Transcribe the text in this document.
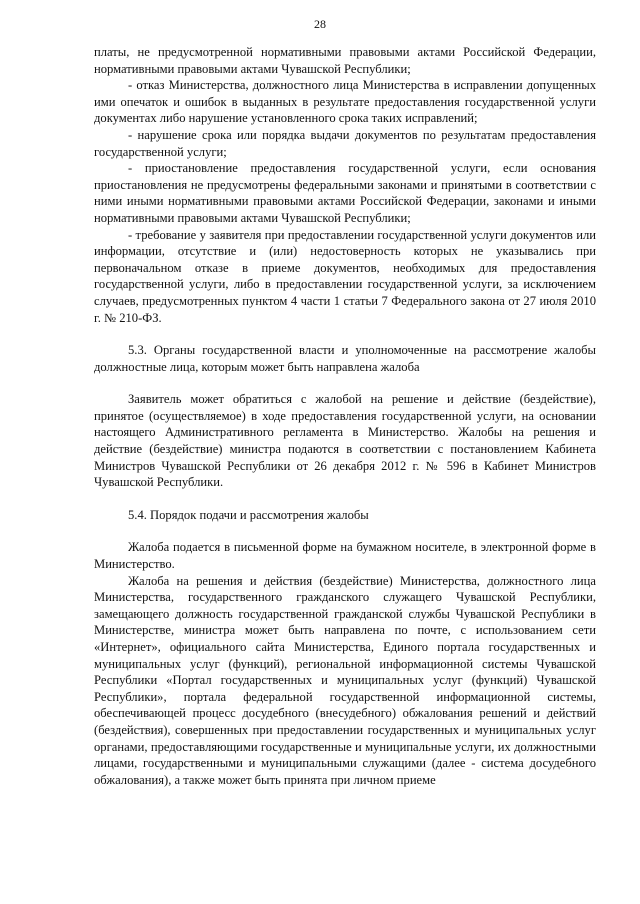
28

платы, не предусмотренной нормативными правовыми актами Российской Федерации, нормативными правовыми актами Чувашской Республики;

- отказ Министерства, должностного лица Министерства в исправлении допущенных ими опечаток и ошибок в выданных в результате предоставления государственной услуги документах либо нарушение установленного срока таких исправлений;

- нарушение срока или порядка выдачи документов по результатам предоставления государственной услуги;

- приостановление предоставления государственной услуги, если основания приостановления не предусмотрены федеральными законами и принятыми в соответствии с ними иными нормативными правовыми актами Российской Федерации, законами и иными нормативными правовыми актами Чувашской Республики;

- требование у заявителя при предоставлении государственной услуги документов или информации, отсутствие и (или) недостоверность которых не указывались при первоначальном отказе в приеме документов, необходимых для предоставления государственной услуги, либо в предоставлении государственной услуги, за исключением случаев, предусмотренных пунктом 4 части 1 статьи 7 Федерального закона от 27 июля 2010 г. № 210-ФЗ.

5.3. Органы государственной власти и уполномоченные на рассмотрение жалобы должностные лица, которым может быть направлена жалоба

Заявитель может обратиться с жалобой на решение и действие (бездействие), принятое (осуществляемое) в ходе предоставления государственной услуги, на основании настоящего Административного регламента в Министерство. Жалобы на решения и действие (бездействие) министра подаются в соответствии с постановлением Кабинета Министров Чувашской Республики от 26 декабря 2012 г. № 596 в Кабинет Министров Чувашской Республики.

5.4. Порядок подачи и рассмотрения жалобы

Жалоба подается в письменной форме на бумажном носителе, в электронной форме в Министерство.

Жалоба на решения и действия (бездействие) Министерства, должностного лица Министерства, государственного гражданского служащего Чувашской Республики, замещающего должность государственной гражданской службы Чувашской Республики в Министерстве, министра может быть направлена по почте, с использованием сети «Интернет», официального сайта Министерства, Единого портала государственных и муниципальных услуг (функций), региональной информационной системы Чувашской Республики «Портал государственных и муниципальных услуг (функций) Чувашской Республики», портала федеральной государственной информационной системы, обеспечивающей процесс досудебного (внесудебного) обжалования решений и действий (бездействия), совершенных при предоставлении государственных и муниципальных услуг органами, предоставляющими государственные и муниципальные услуги, их должностными лицами, государственными и муниципальными служащими (далее - система досудебного обжалования), а также может быть принята при личном приеме
